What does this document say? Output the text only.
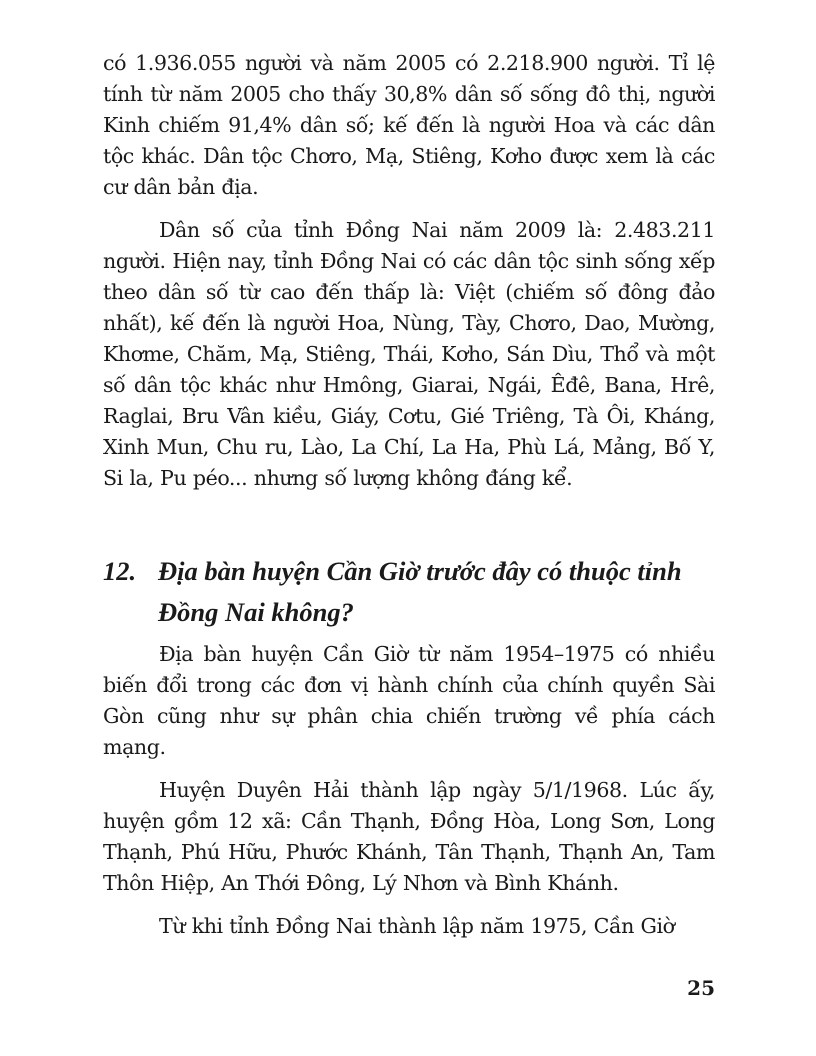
có 1.936.055 người và năm 2005 có 2.218.900 người. Tỉ lệ tính từ năm 2005 cho thấy 30,8% dân số sống đô thị, người Kinh chiếm 91,4% dân số; kế đến là người Hoa và các dân tộc khác. Dân tộc Chơro, Mạ, Stiêng, Kơho được xem là các cư dân bản địa.

Dân số của tỉnh Đồng Nai năm 2009 là: 2.483.211 người. Hiện nay, tỉnh Đồng Nai có các dân tộc sinh sống xếp theo dân số từ cao đến thấp là: Việt (chiếm số đông đảo nhất), kế đến là người Hoa, Nùng, Tày, Chơro, Dao, Mường, Khơme, Chăm, Mạ, Stiêng, Thái, Kơho, Sán Dìu, Thổ và một số dân tộc khác như Hmông, Giarai, Ngái, Êđê, Bana, Hrê, Raglai, Bru Vân kiều, Giáy, Cơtu, Gié Triêng, Tà Ôi, Kháng, Xinh Mun, Chu ru, Lào, La Chí, La Ha, Phù Lá, Mảng, Bố Y, Si la, Pu péo... nhưng số lượng không đáng kể.

12. Địa bàn huyện Cần Giờ trước đây có thuộc tỉnh
Đồng Nai không?

Địa bàn huyện Cần Giờ từ năm 1954–1975 có nhiều biến đổi trong các đơn vị hành chính của chính quyền Sài Gòn cũng như sự phân chia chiến trường về phía cách mạng.

Huyện Duyên Hải thành lập ngày 5/1/1968. Lúc ấy, huyện gồm 12 xã: Cần Thạnh, Đồng Hòa, Long Sơn, Long Thạnh, Phú Hữu, Phước Khánh, Tân Thạnh, Thạnh An, Tam Thôn Hiệp, An Thới Đông, Lý Nhơn và Bình Khánh.

Từ khi tỉnh Đồng Nai thành lập năm 1975, Cần Giờ

25
